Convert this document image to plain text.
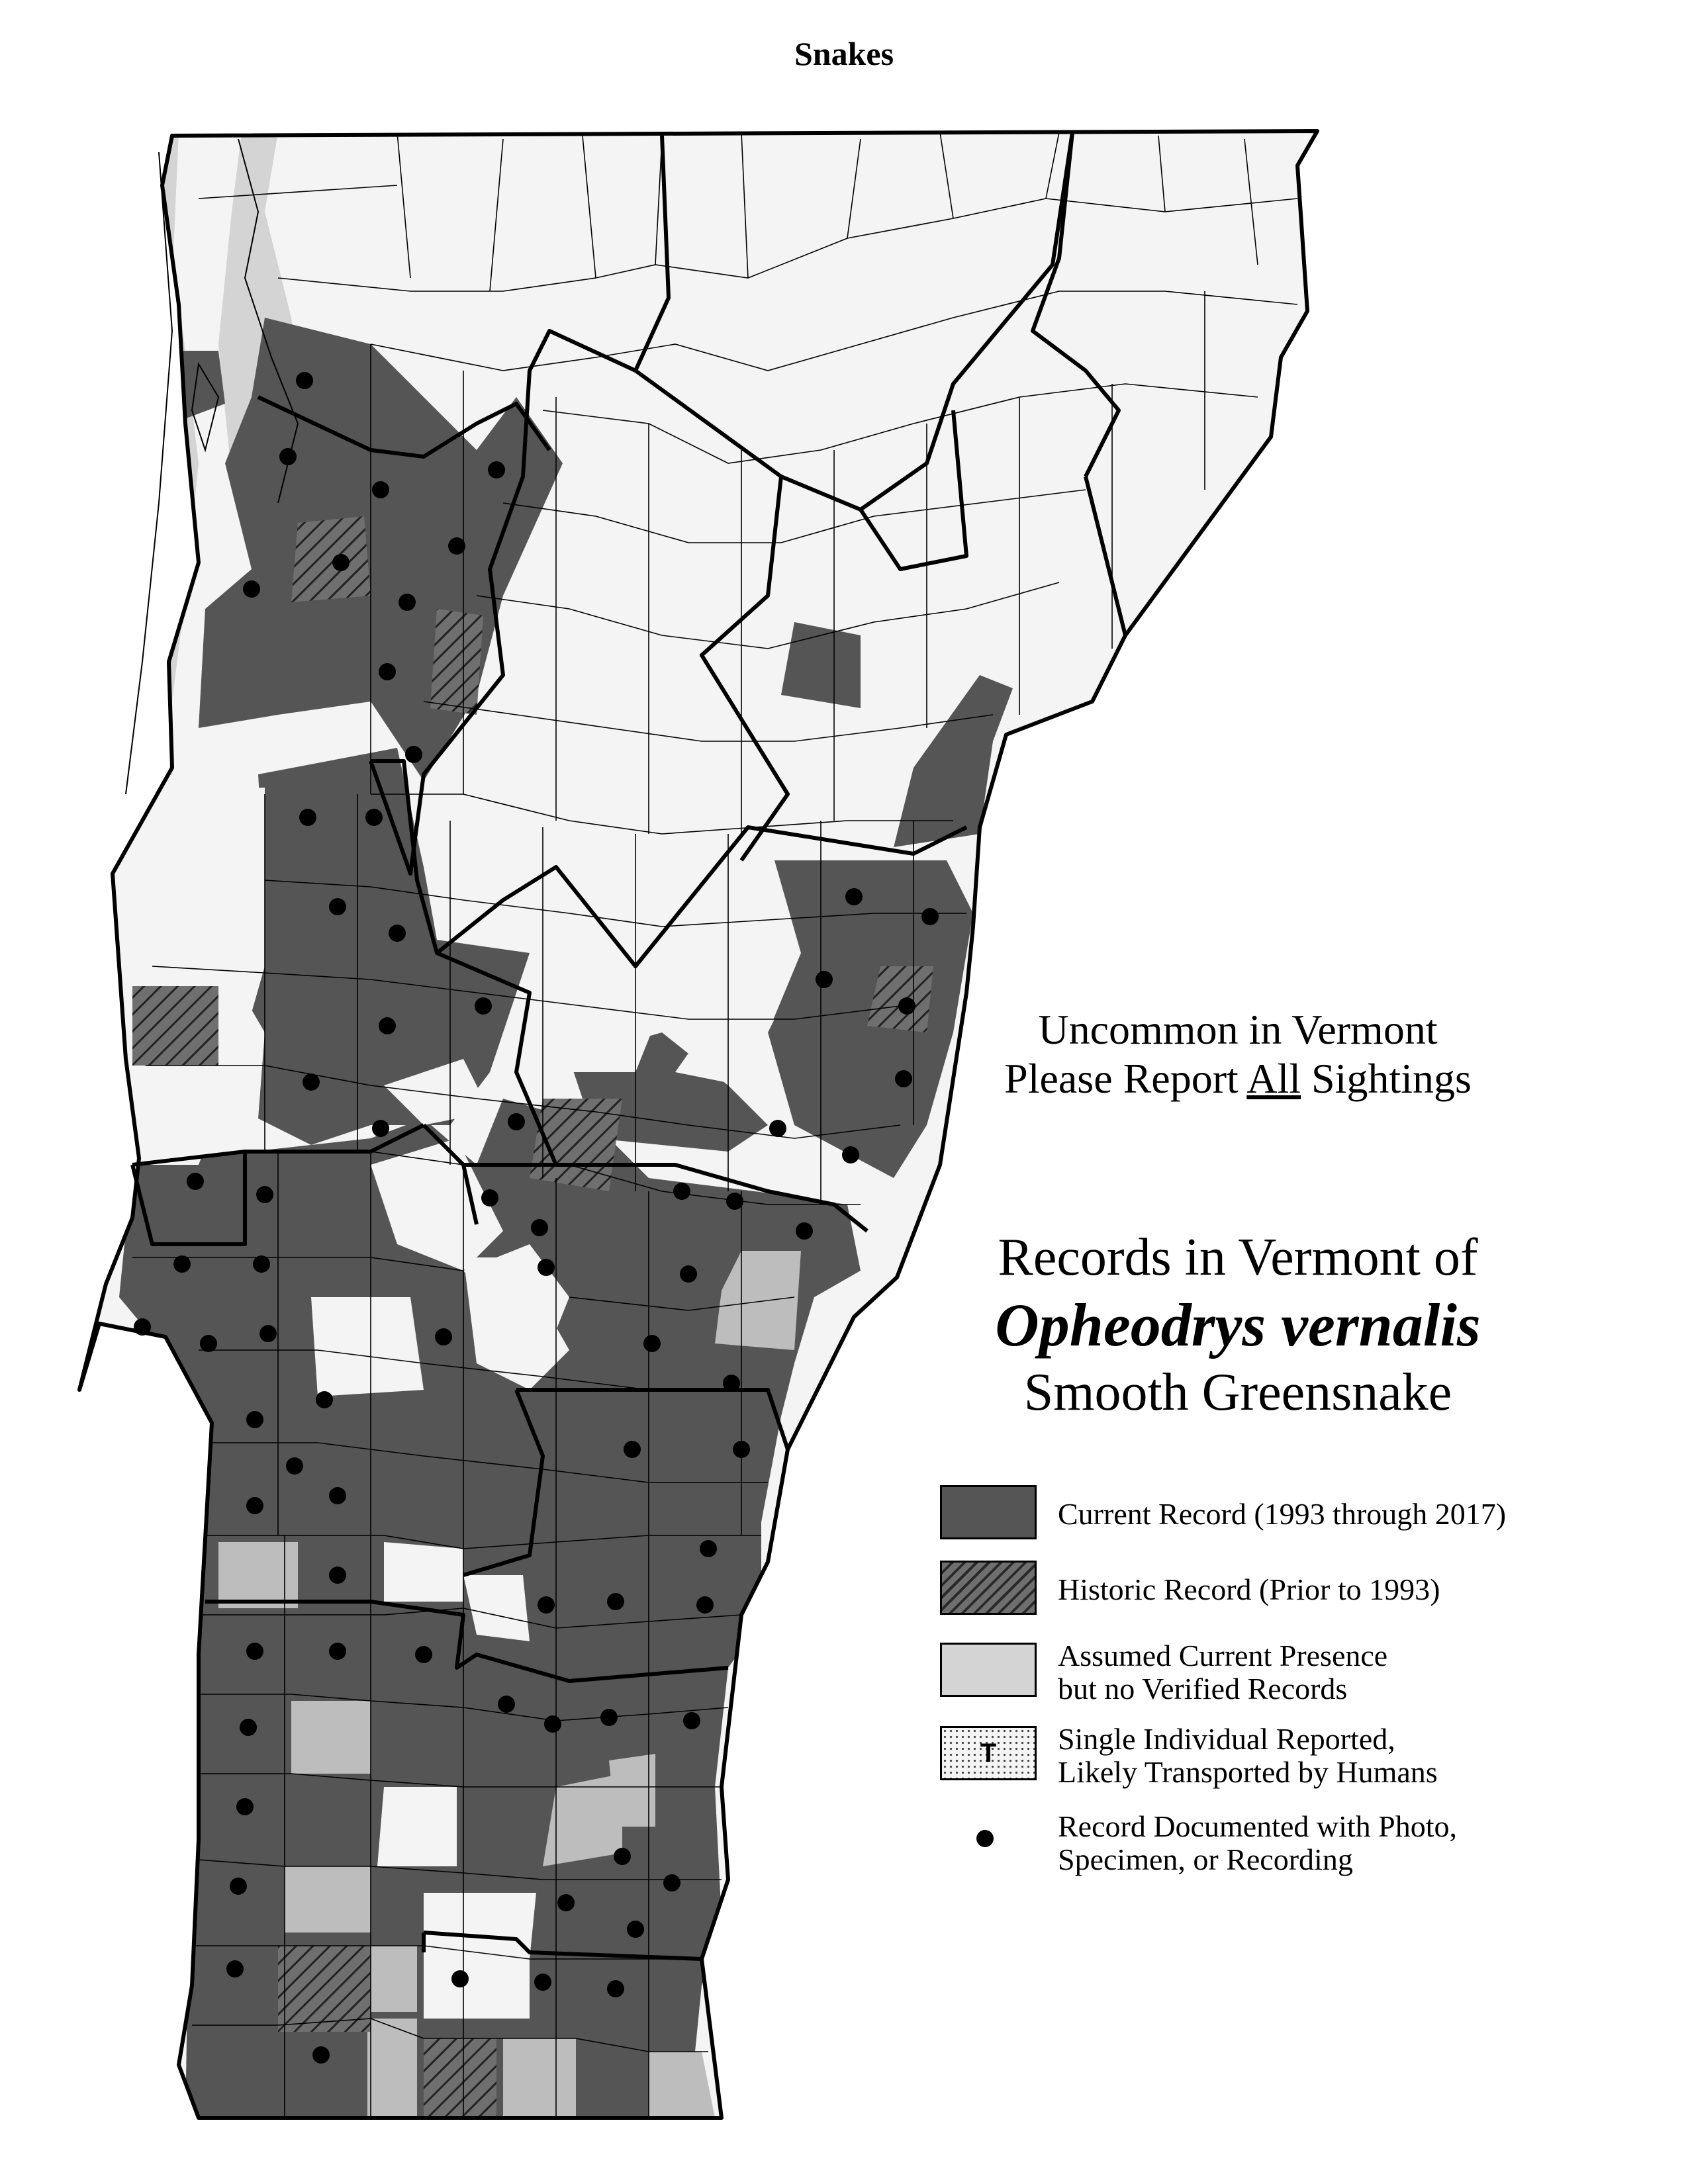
Snakes
Uncommon in Vermont
Please Report All Sightings
Records in Vermont of
Opheodrys vernalis
Smooth Greensnake
Current Record (1993 through 2017)
Historic Record (Prior to 1993)
Assumed Current Presence
but no Verified Records
T	Single Individual Reported,
Likely Transported by Humans
Record Documented with Photo,
Specimen, or Recording
